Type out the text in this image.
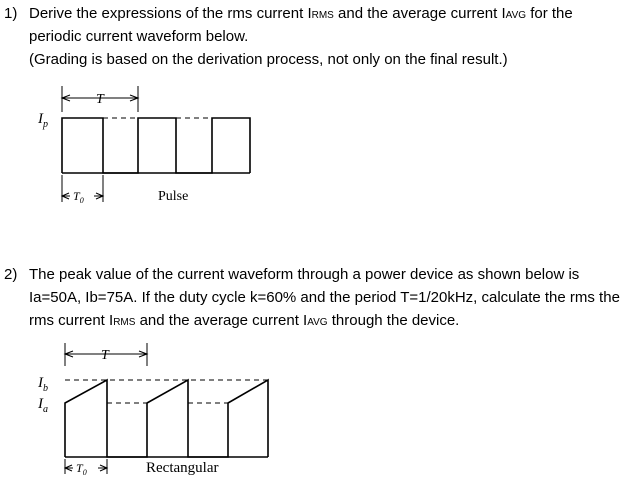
1) Derive the expressions of the rms current IRMS and the average current IAVG for the
periodic current waveform below.
(Grading is based on the derivation process, not only on the final result.)
T
$I_p$
$T_0$	Pulse
2) The peak value of the current waveform through a power device as shown below is
Ia=50A, Ib=75A. If the duty cycle k=60% and the period T=1/20kHz, calculate the rms the
rms current IRMS and the average current IAVG through the device.
T
$I_b$
$I_a$
$T_0$	Rectangular
